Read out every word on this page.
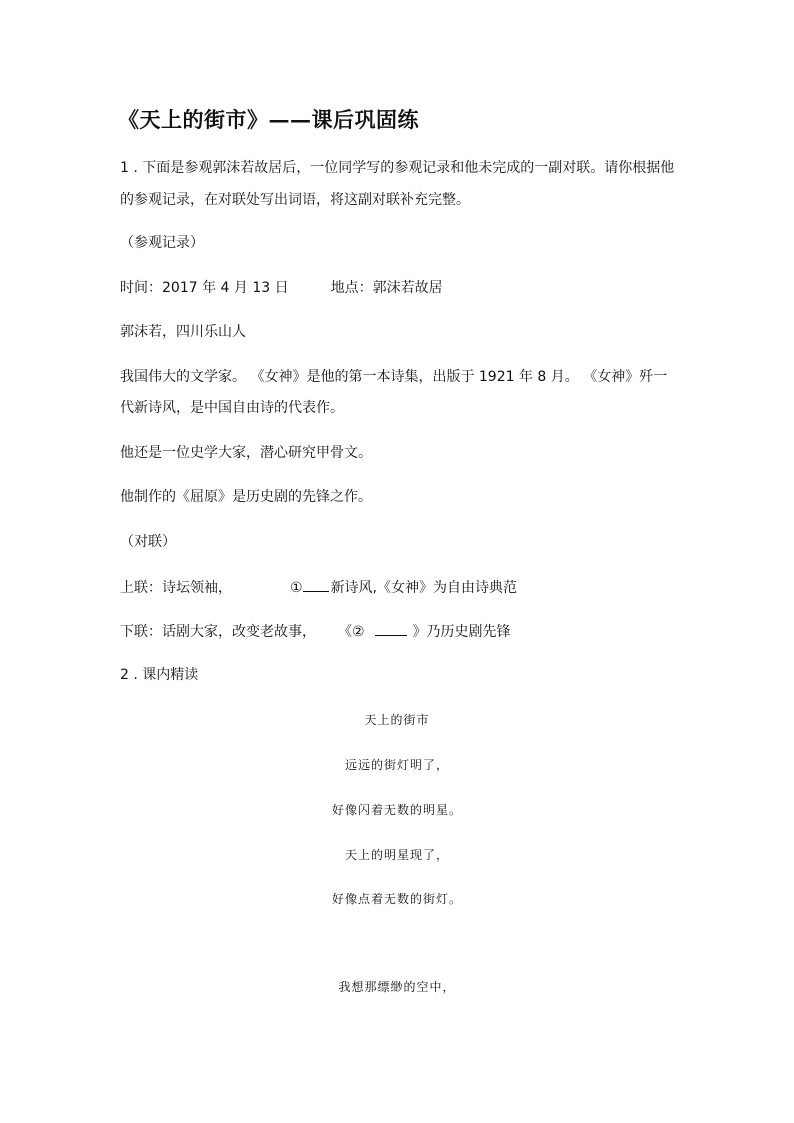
《天上的街市》——课后巩固练
1 . 下面是参观郭沫若故居后，一位同学写的参观记录和他未完成的一副对联。请你根据他
的参观记录，在对联处写出词语，将这副对联补充完整。
（参观记录）
时间：2017 年 4 月 13 日	地点：郭沫若故居
郭沫若，四川乐山人
我国伟大的文学家。 《女神》是他的第一本诗集，出版于 1921 年 8 月。 《女神》歼一
代新诗风，是中国自由诗的代表作。
他还是一位史学大家，潜心研究甲骨文。
他制作的《屈原》是历史剧的先锋之作。
（对联）
上联：诗坛领袖，	① 新诗风,《女神》为自由诗典范
下联：话剧大家，改变老故事， 《②	》乃历史剧先锋
2 . 课内精读
天上的街市
远远的街灯明了，
好像闪着无数的明星。
天上的明星现了，
好像点着无数的街灯。
我想那缥缈的空中，
